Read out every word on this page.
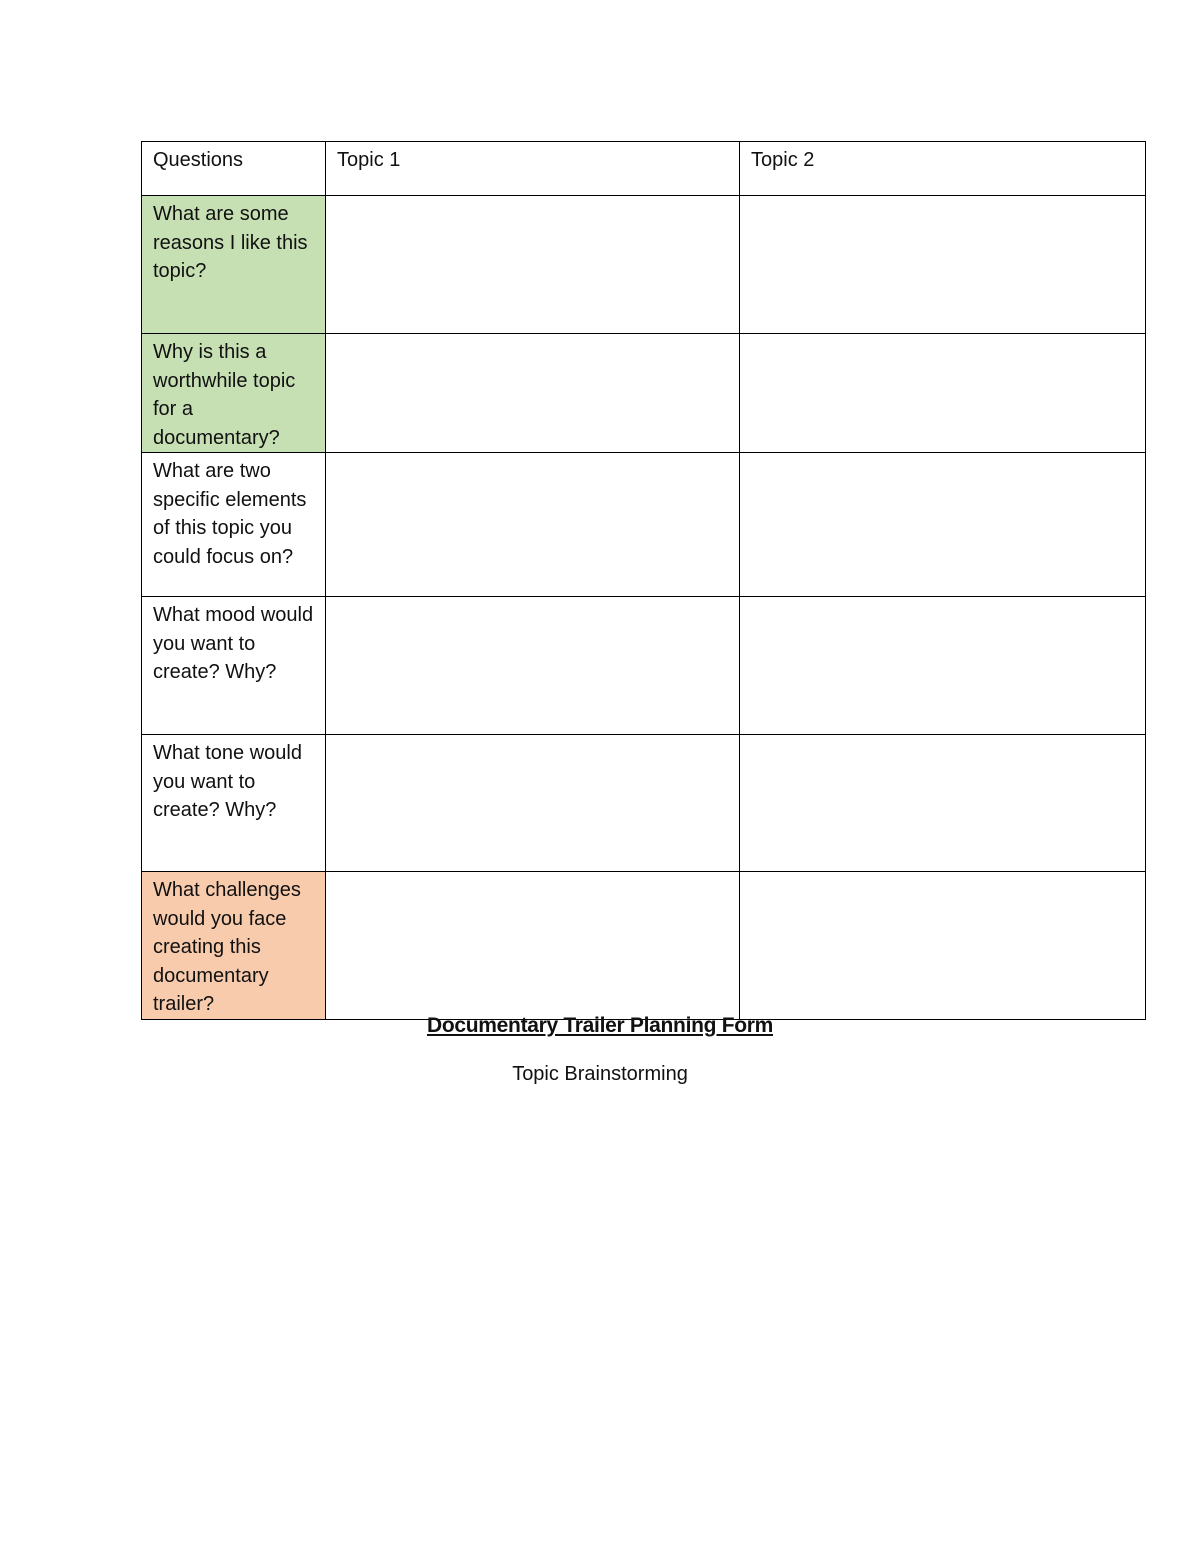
Questions	Topic 1	Topic 2

What are some reasons I like this topic?		

Why is this a worthwhile topic for a documentary?		

What are two specific elements of this topic you could focus on?		

What mood would you want to create? Why?		

What tone would you want to create? Why?		

What challenges would you face creating this documentary trailer?		

Documentary Trailer Planning Form
Topic Brainstorming
